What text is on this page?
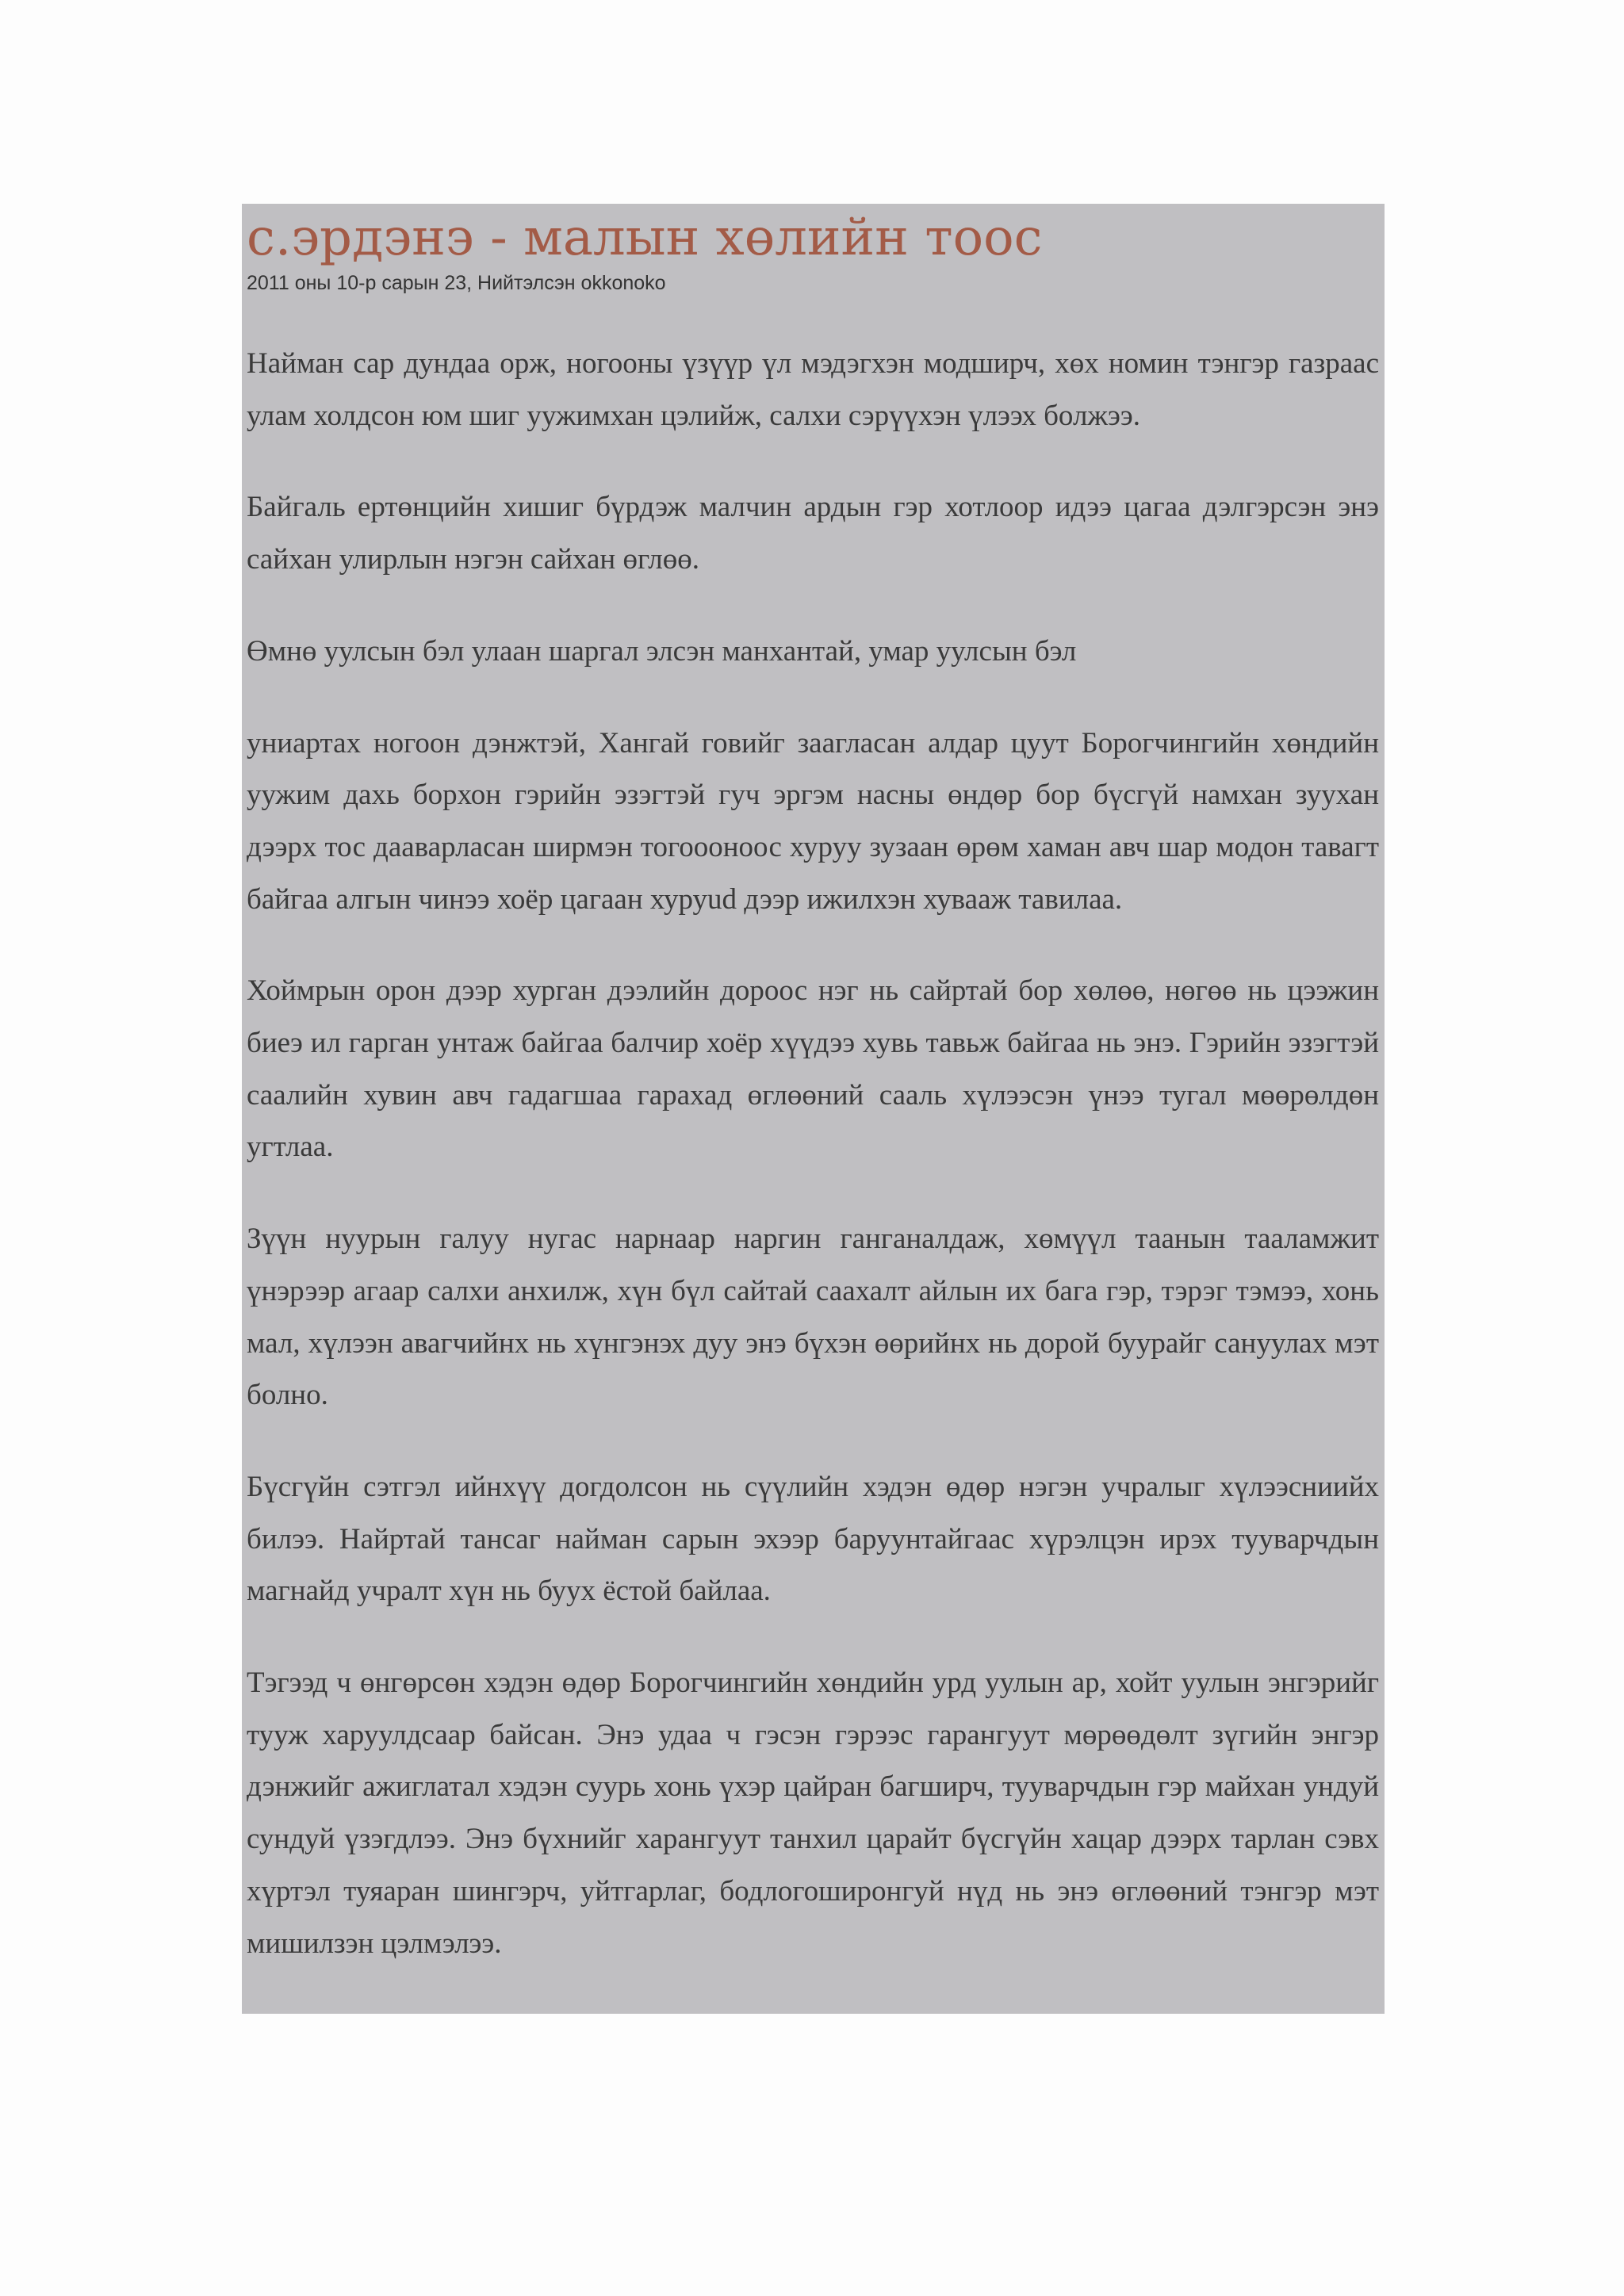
с.эрдэнэ - малын хөлийн тоос

2011 оны 10-р сарын 23, Нийтэлсэн okkonoko

Найман сар дундаа орж, ногооны үзүүр үл мэдэгхэн модширч, хөх номин тэнгэр газраас улам холдсон юм шиг уужимхан цэлийж, салхи сэрүүхэн үлээх болжээ.

Байгаль ертөнцийн хишиг бүрдэж малчин ардын гэр хотлоор идээ цагаа дэлгэрсэн энэ сайхан улирлын нэгэн сайхан өглөө.

Өмнө уулсын бэл улаан шаргал элсэн манхантай, умар уулсын бэл

униартах ногоон дэнжтэй, Хангай говийг заагласан алдар цуут Борогчингийн хөндийн уужим дахь борхон гэрийн эзэгтэй гуч эргэм насны өндөр бор бүсгүй намхан зуухан дээрх тос дааварласан ширмэн тогоооноос хуруу зузаан өрөм хаман авч шар модон тавагт байгаа алгын чинээ хоёр цагаан хуруud дээр ижилхэн хувааж тавилаа.

Хоймрын орон дээр хурган дээлийн дороос нэг нь сайртай бор хөлөө, нөгөө нь цээжин биеэ ил гарган унтаж байгаа балчир хоёр хүүдээ хувь тавьж байгаа нь энэ. Гэрийн эзэгтэй саалийн хувин авч гадагшаа гарахад өглөөний сааль хүлээсэн үнээ тугал мөөрөлдөн угтлаа.

Зүүн нуурын галуу нугас нарнаар наргин ганганалдаж, хөмүүл таанын тааламжит үнэрээр агаар салхи анхилж, хүн бүл сайтай саахалт айлын их бага гэр, тэрэг тэмээ, хонь мал, хүлээн авагчийнх нь хүнгэнэх дуу энэ бүхэн өөрийнх нь дорой буурайг сануулах мэт болно.

Бүсгүйн сэтгэл ийнхүү догдолсон нь сүүлийн хэдэн өдөр нэгэн учралыг хүлээсниийх билээ. Найртай тансаг найман сарын эхээр баруунтайгаас хүрэлцэн ирэх тууварчдын магнайд учралт хүн нь буух ёстой байлаа.

Тэгээд ч өнгөрсөн хэдэн өдөр Борогчингийн хөндийн урд уулын ар, хойт уулын энгэрийг тууж харуулдсаар байсан. Энэ удаа ч гэсэн гэрээс гарангуут мөрөөдөлт зүгийн энгэр дэнжийг ажиглатал хэдэн суурь хонь үхэр цайран багширч, тууварчдын гэр майхан ундуй сундуй үзэгдлээ. Энэ бүхнийг харангуут танхил царайт бүсгүйн хацар дээрх тарлан сэвх хүртэл туяаран шингэрч, уйтгарлаг, бодлогоширонгуй нүд нь энэ өглөөний тэнгэр мэт мишилзэн цэлмэлээ.
